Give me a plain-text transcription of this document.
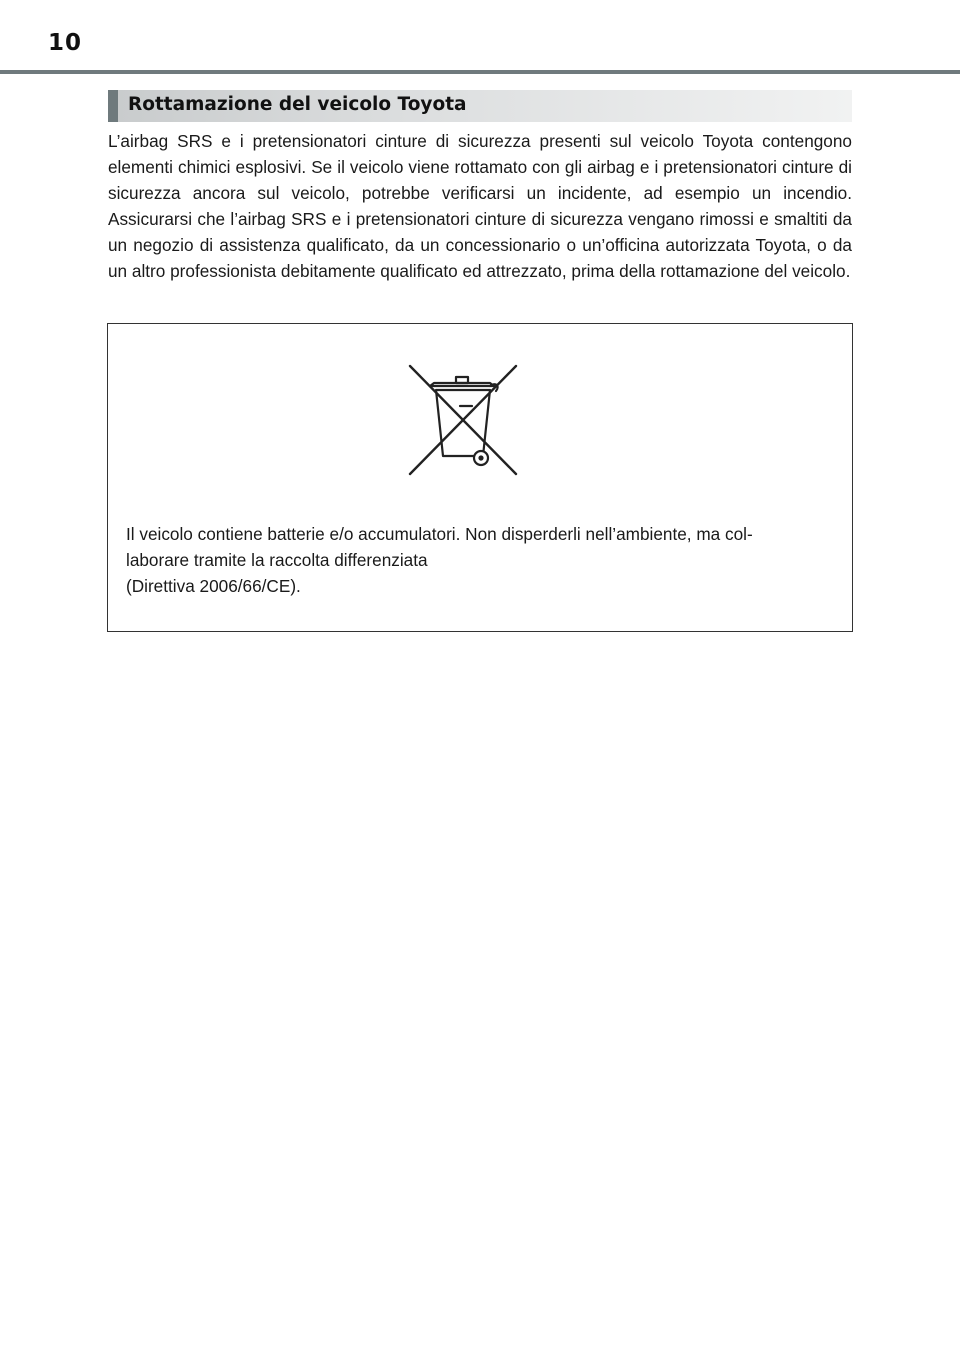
10
Rottamazione del veicolo Toyota
L’airbag SRS e i pretensionatori cinture di sicurezza presenti sul veicolo Toyota contengono elementi chimici esplosivi. Se il veicolo viene rottamato con gli airbag e i pretensionatori cinture di sicurezza ancora sul veicolo, potrebbe verificarsi un incidente, ad esempio un incendio. Assicurarsi che l’airbag SRS e i pretensionatori cinture di sicurezza vengano rimossi e smaltiti da un negozio di assistenza qualificato, da un concessionario o un’officina autorizzata Toyota, o da un altro professionista debitamente qualificato ed attrezzato, prima della rottamazione del veicolo.
Il veicolo contiene batterie e/o accumulatori. Non disperderli nell’ambiente, ma col-
laborare tramite la raccolta differenziata
(Direttiva 2006/66/CE).
